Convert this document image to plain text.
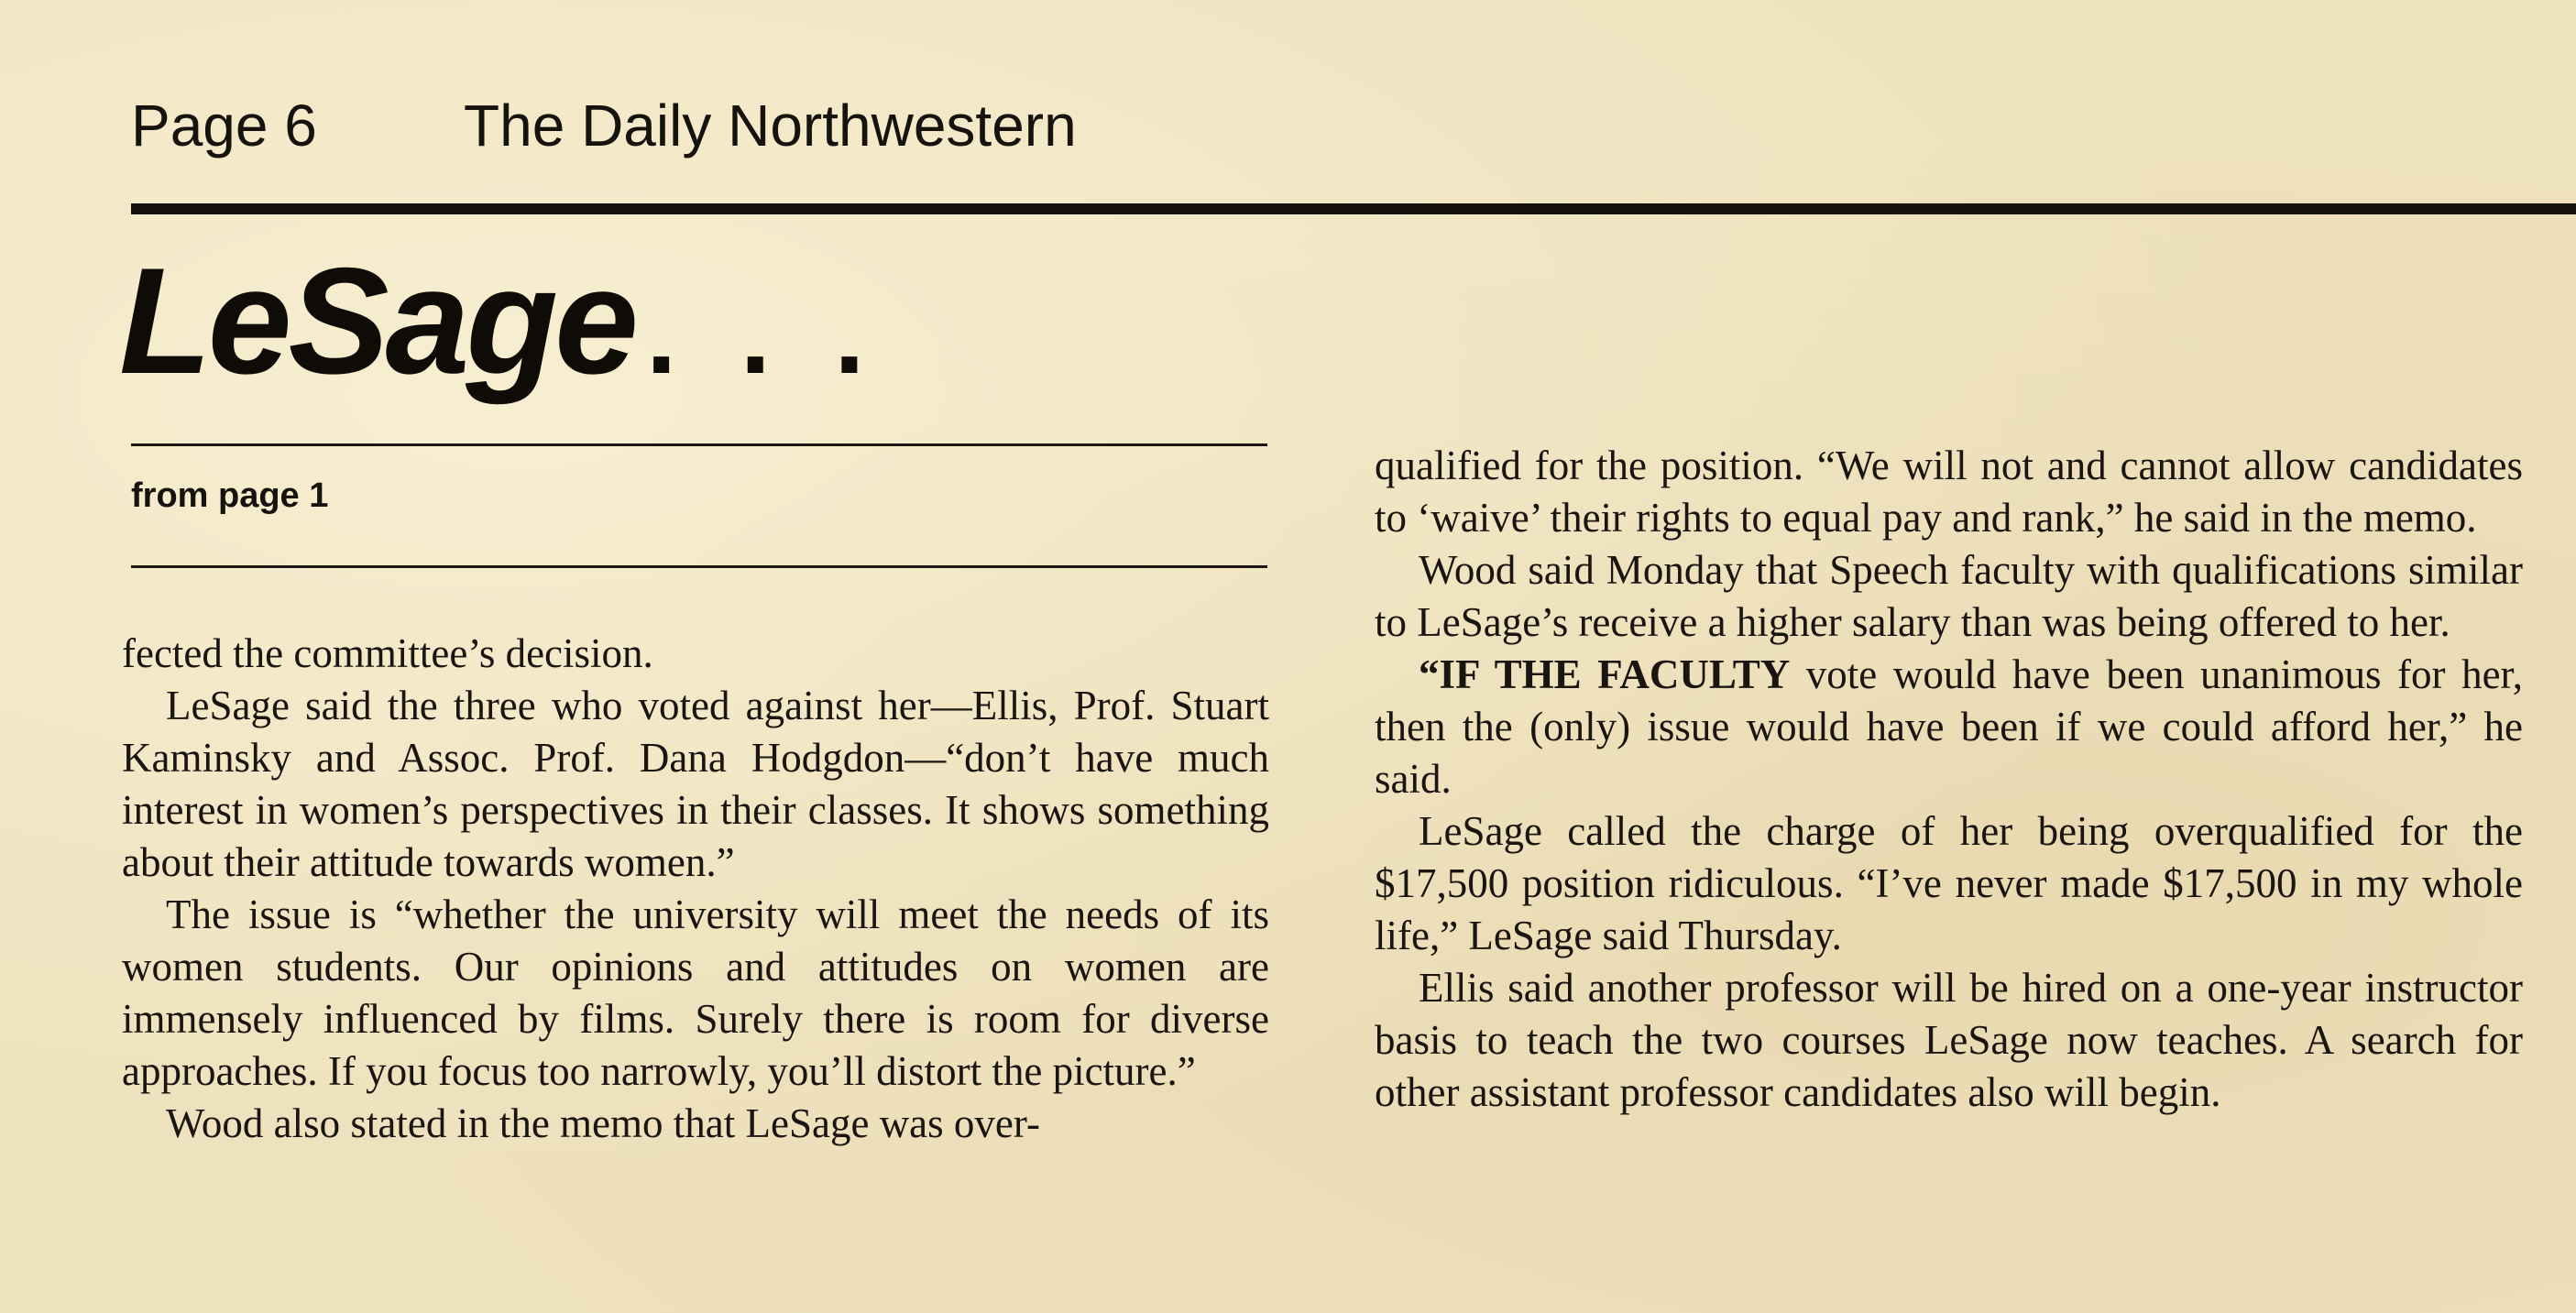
Page 6	The Daily Northwestern
LeSage . . .
from page 1

fected the committee’s decision.

LeSage said the three who voted against her—Ellis, Prof. Stuart Kaminsky and Assoc. Prof. Dana Hodgdon—“don’t have much interest in women’s perspectives in their classes. It shows something about their attitude towards women.”

The issue is “whether the university will meet the needs of its women students. Our opinions and attitudes on women are immensely influenced by films. Surely there is room for diverse approaches. If you focus too narrowly, you’ll distort the picture.”

Wood also stated in the memo that LeSage was over-

qualified for the position. “We will not and cannot allow candidates to ‘waive’ their rights to equal pay and rank,” he said in the memo.

Wood said Monday that Speech faculty with qualifications similar to LeSage’s receive a higher salary than was being offered to her.

“IF THE FACULTY vote would have been unanimous for her, then the (only) issue would have been if we could afford her,” he said.

LeSage called the charge of her being overqualified for the $17,500 position ridiculous. “I’ve never made $17,500 in my whole life,” LeSage said Thursday.

Ellis said another professor will be hired on a one-year instructor basis to teach the two courses LeSage now teaches. A search for other assistant professor candidates also will begin.
